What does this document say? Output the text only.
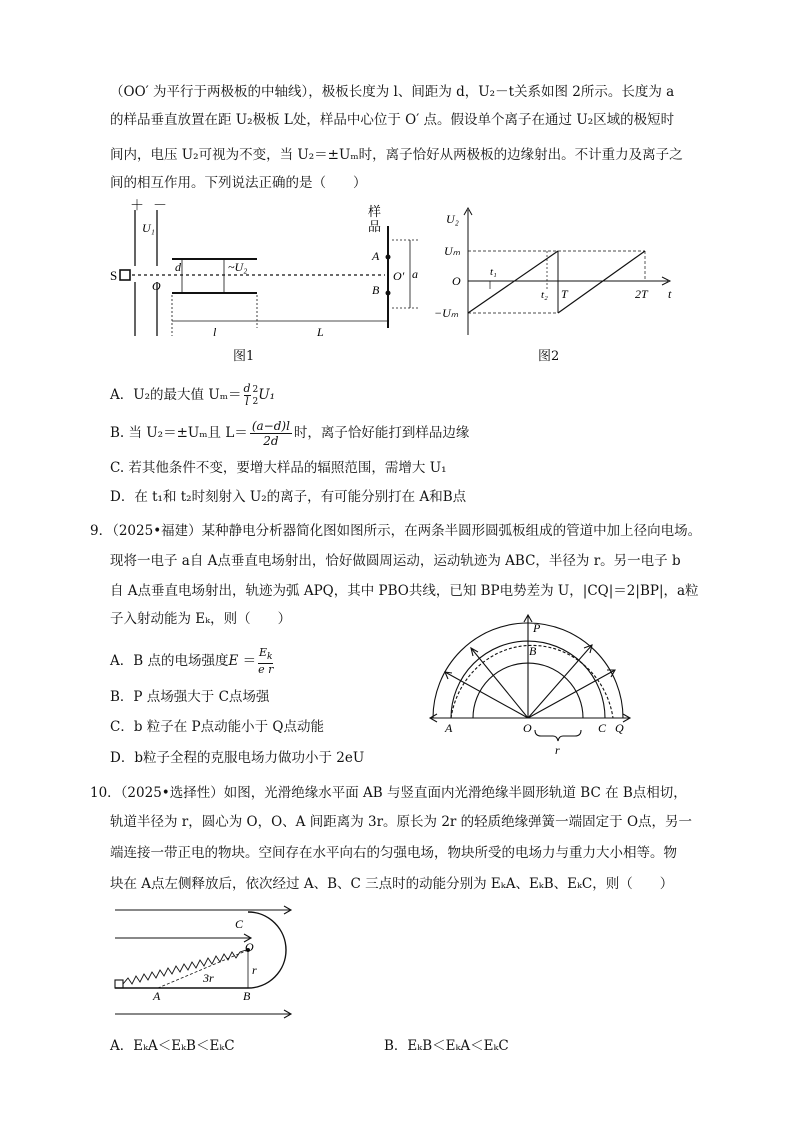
（OO′ 为平行于两极板的中轴线），极板长度为 l、间距为 d，U₂－t关系如图 2所示。长度为 a
的样品垂直放置在距 U₂极板 L处，样品中心位于 O′ 点。假设单个离子在通过 U₂区域的极短时
间内，电压 U₂可视为不变，当 U₂＝±Uₘ时，离子恰好从两极板的边缘射出。不计重力及离子之
间的相互作用。下列说法正确的是（　　）
＋ －
U₁
S
O
d	~U₂
l	L
样
品
A
B
O′ a
图1
U₂
Uₘ
O
−Uₘ
t₁
t₂ T	2T t
图2
A．U₂的最大值 $U_m= \frac{d}{l} 2$
2 U₁
B. 当 U₂＝±Uₘ且 $L= \frac{(a-d)l}{2d}$ 时，离子恰好能打到样品边缘
C. 若其他条件不变，要增大样品的辐照范围，需增大 U₁
D．在 t₁和 t₂时刻射入 U₂的离子，有可能分别打在 A和B点
9．（2025•福建）某种静电分析器简化图如图所示，在两条半圆形圆弧板组成的管道中加上径向电场。
现将一电子 a自 A点垂直电场射出，恰好做圆周运动，运动轨迹为 ABC，半径为 r。另一电子 b
自 A点垂直电场射出，轨迹为弧 APQ，其中 PBO共线，已知 BP电势差为 U，|CQ|＝2|BP|，a粒
子入射动能为 Eₖ，则（　　）
A．B 点的电场强度$E = \frac{E_k}{\text{e r}}$
B．P 点场强大于 C点场强
C．b 粒子在 P点动能小于 Q点动能
D．b粒子全程的克服电场力做功小于 2eU
P
B
A	O	C Q
r
10．（2025•选择性）如图，光滑绝缘水平面 AB 与竖直面内光滑绝缘半圆形轨道 BC 在 B点相切，
轨道半径为 r，圆心为 O，O、A 间距离为 3r。原长为 2r 的轻质绝缘弹簧一端固定于 O点，另一
端连接一带正电的物块。空间存在水平向右的匀强电场，物块所受的电场力与重力大小相等。物
块在 A点左侧释放后，依次经过 A、B、C 三点时的动能分别为 EₖA、EₖB、EₖC，则（　　）
C
O
3r
r
A	B
A．EₖA＜EₖB＜EₖC	B．EₖB＜EₖA＜EₖC
